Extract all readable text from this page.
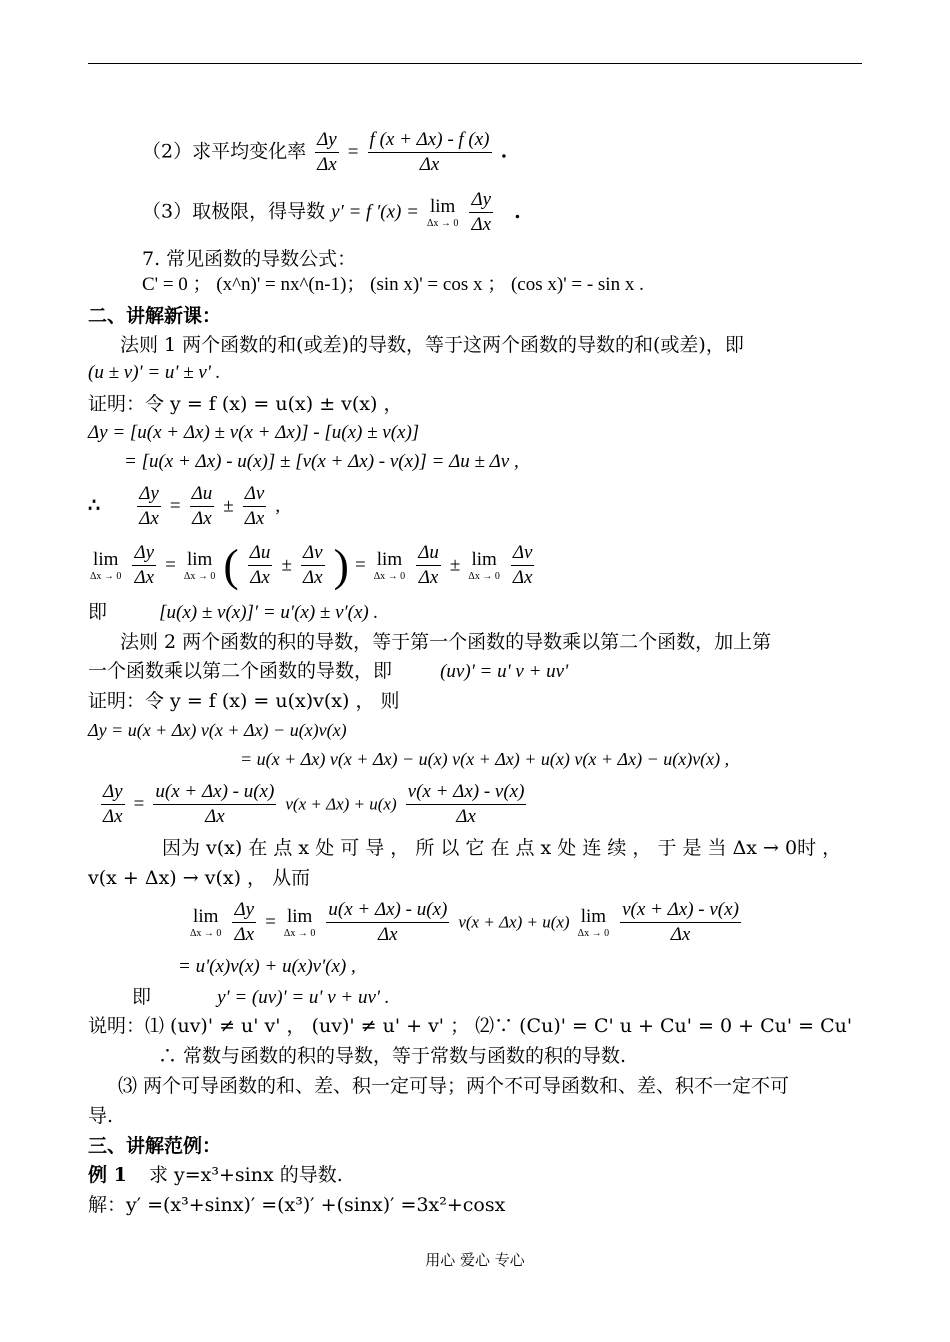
（2）求平均变化率 $\frac{\Delta y}{\Delta x} = \frac{f (x + \Delta x) - f (x)}{\Delta x}$ .
（3）取极限，得导数 y′ = f ′(x) = lim
Δx → 0
$\frac{\Delta y}{\Delta x}$ .
7. 常见函数的导数公式：
C' = 0 ； (x^n)' = nx^(n-1)； (sin x)' = cos x ； (cos x)' = - sin x .
二、讲解新课：
法则 1 两个函数的和(或差)的导数，等于这两个函数的导数的和(或差)，即
(u ± v)' = u' ± v' .
证明：令 y = f (x) = u(x) ± v(x) ，
Δy = [u(x + Δx) ± v(x + Δx)] - [u(x) ± v(x)]
= [u(x + Δx) - u(x)] ± [v(x + Δx) - v(x)] = Δu ± Δv ,
∴ $\frac{\Delta y}{\Delta x} = \frac{\Delta u}{\Delta x} \pm \frac{\Delta v}{\Delta x}$ ,
lim
Δx → 0
$\frac{\Delta y}{\Delta x} = \lim$
Δx → 0 ( $\frac{\Delta u}{\Delta x} \pm \frac{\Delta v}{\Delta x}$ ) = lim
Δx → 0
$\frac{\Delta u}{\Delta x} \pm \lim$
Δx → 0
$\frac{\Delta v}{\Delta x}$
即	[u(x) ± v(x)]′ = u′(x) ± v′(x) .
法则 2 两个函数的积的导数，等于第一个函数的导数乘以第二个函数，加上第
一个函数乘以第二个函数的导数，即	(uv)' = u' v + uv'
证明：令 y = f (x) = u(x)v(x) ， 则
Δy = u(x + Δx) v(x + Δx) − u(x)v(x)
= u(x + Δx) v(x + Δx) − u(x) v(x + Δx) + u(x) v(x + Δx) − u(x)v(x) ,
$\frac{\Delta y}{\Delta x} = \frac{u(x + \Delta x) - u(x)}{\Delta x} v(x + \Delta x) + u(x) \frac{v(x + \Delta x) - v(x)}{\Delta x}$
因为 v(x) 在 点 x 处 可 导 ， 所 以 它 在 点 x 处 连 续 ， 于 是 当 Δx → 0时 ，
v(x + Δx) → v(x) ， 从而
lim
Δx → 0
$\frac{\Delta y}{\Delta x} = \lim$
Δx → 0
$\frac{u(x + \Delta x) - u(x)}{\Delta x} v(x + \Delta x) + u(x)$ lim
Δx → 0
$\frac{v(x + \Delta x) - v(x)}{\Delta x}$
= u'(x)v(x) + u(x)v'(x) ,
即	y' = (uv)' = u' v + uv' .
说明：⑴ (uv)' ≠ u' v' ， (uv)' ≠ u' + v' ； ⑵∵ (Cu)' = C' u + Cu' = 0 + Cu' = Cu'
∴ 常数与函数的积的导数，等于常数与函数的积的导数.
⑶ 两个可导函数的和、差、积一定可导；两个不可导函数和、差、积不一定不可
导.
三、讲解范例：
例 1 求 y=x³+sinx 的导数.
解：y′ =(x³+sinx)′ =(x³)′ +(sinx)′ =3x²+cosx
用心 爱心 专心
